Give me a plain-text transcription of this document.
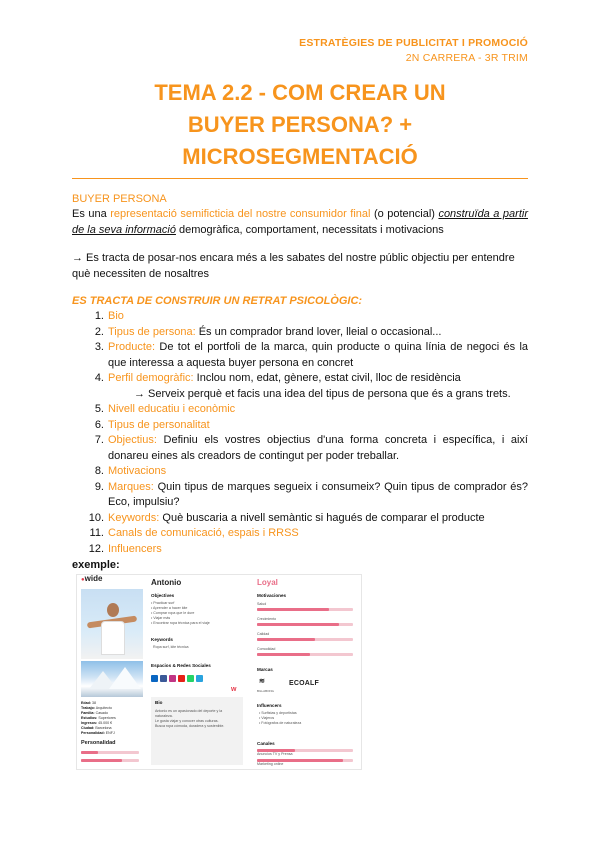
ESTRATÈGIES DE PUBLICITAT I PROMOCIÓ
2N CARRERA - 3R TRIM
TEMA 2.2 - COM CREAR UN
BUYER PERSONA? +
MICROSEGMENTACIÓ
BUYER PERSONA
Es una representació semificticia del nostre consumidor final (o potencial) construïda a partir de la seva informació demogràfica, comportament, necessitats i motivacions
→ Es tracta de posar-nos encara més a les sabates del nostre públic objectiu per entendre què necessiten de nosaltres
ES TRACTA DE CONSTRUIR UN RETRAT PSICOLÒGIC:
1. Bio
2. Tipus de persona: És un comprador brand lover, lleial o occasional...
3. Producte: De tot el portfoli de la marca, quin producte o quina línia de negoci és la que interessa a aquesta buyer persona en concret
4. Perfil demogràfic: Inclou nom, edat, gènere, estat civil, lloc de residència
→ Serveix perquè et facis una idea del tipus de persona que és a grans trets.
5. Nivell educatiu i econòmic
6. Tipus de personalitat
7. Objectius: Definiu els vostres objectius d'una forma concreta i específica, i així donareu eines als creadors de contingut per poder treballar.
8. Motivacions
9. Marques: Quin tipus de marques segueix i consumeix? Quin tipus de comprador és? Eco, impulsiu?
10. Keywords: Què buscaria a nivell semàntic si hagués de comparar el producte
11. Canals de comunicació, espais i RRSS
12. Influencers
exemple:
●wide
Edad: 38
Trabajo: Arquitecto
Familia: Casado
Estudios: Superiores
Ingresos: 45.000 €
Ciudad: Barcelona
Personalidad: ENFJ
Personalidad
Antonio
Objectives
• Practicar surf
• Aprender a hacer kite
• Comprar ropa que le dure
• Viajar más
• Encontrar ropa técnica para el viaje
Keywords
Ropa surf, kite técnica
Espacios & Redes Sociales
Bio
Antonio es un apasionado del deporte y la naturaleza.
Le gusta viajar y conocer otras culturas.
Busca ropa cómoda, duradera y sostenible.
w
Loyal
Motivaciones
Marcas
≋
BILLABONG
ECOALF
Influencers
• Surfistas y deportistas
• Viajeros
• Fotógrafos de naturaleza
Canales
Salud
Crecimiento
Calidad
Comodidad
Anuncios TV y Prensa
Marketing online
